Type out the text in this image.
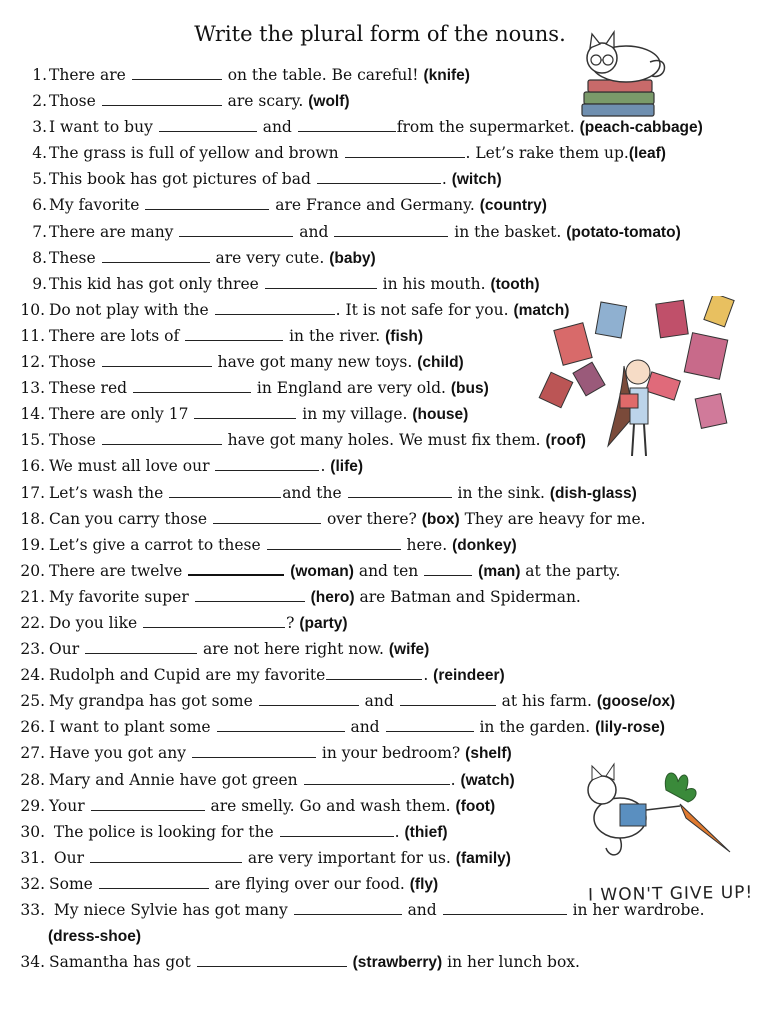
Write the plural form of the nouns.
1. There are	on the table. Be careful! (knife)
2. Those	are scary. (wolf)
3. I want to buy	and	from the supermarket. (peach-cabbage)
4. The grass is full of yellow and brown	. Let’s rake them up.(leaf)
5. This book has got pictures of bad	. (witch)
6. My favorite	are France and Germany. (country)
7. There are many	and	in the basket. (potato-tomato)
8. These	are very cute. (baby)
9. This kid has got only three	in his mouth. (tooth)
10. Do not play with the	. It is not safe for you. (match)
11. There are lots of	in the river. (fish)
12. Those	have got many new toys. (child)
13. These red	in England are very old. (bus)
14. There are only 17	in my village. (house)
15. Those	have got many holes. We must fix them. (roof)
16. We must all love our	. (life)
17. Let’s wash the	and the	in the sink. (dish-glass)
18. Can you carry those	over there? (box) They are heavy for me.
19. Let’s give a carrot to these	here. (donkey)
20. There are twelve	(woman) and ten	(man) at the party.
21. My favorite super	(hero) are Batman and Spiderman.
22. Do you like	? (party)
23. Our	are not here right now. (wife)
24. Rudolph and Cupid are my favorite	. (reindeer)
25. My grandpa has got some	and	at his farm. (goose/ox)
26. I want to plant some	and	in the garden. (lily-rose)
27. Have you got any	in your bedroom? (shelf)
28. Mary and Annie have got green	. (watch)
29. Your	are smelly. Go and wash them. (foot)
30. The police is looking for the	. (thief)
31. Our	are very important for us. (family)
32. Some	are flying over our food. (fly)
33. My niece Sylvie has got many	and	in her wardrobe.
(dress-shoe)
34. Samantha has got	(strawberry) in her lunch box.
I WON'T GIVE UP!
